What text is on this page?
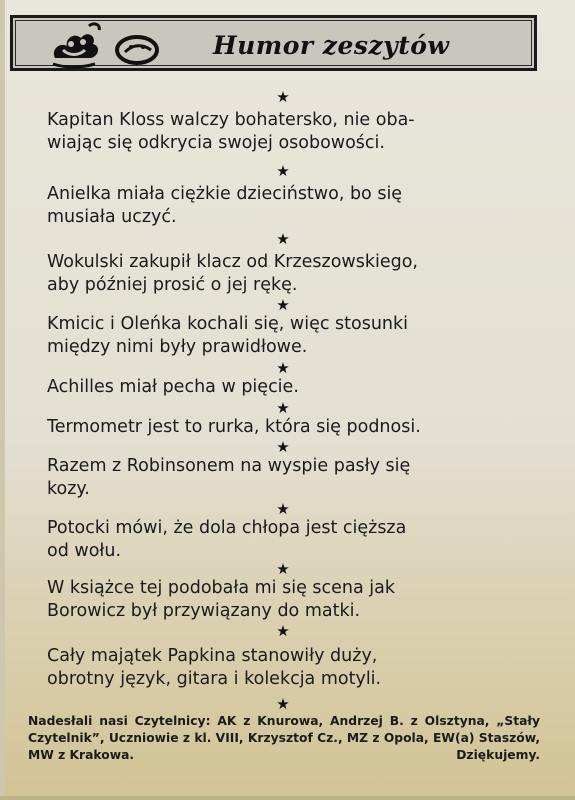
Humor zeszytów
★
Kapitan Kloss walczy bohatersko, nie oba-
wiając się odkrycia swojej osobowości.
★
Anielka miała ciężkie dzieciństwo, bo się
musiała uczyć.
★
Wokulski zakupił klacz od Krzeszowskiego,
aby później prosić o jej rękę.
★
Kmicic i Oleńka kochali się, więc stosunki
między nimi były prawidłowe.
★
Achilles miał pecha w pięcie.
★
Termometr jest to rurka, która się podnosi.
★
Razem z Robinsonem na wyspie pasły się
kozy.
★
Potocki mówi, że dola chłopa jest cięższa
od wołu.
★
W książce tej podobała mi się scena jak
Borowicz był przywiązany do matki.
★
Cały majątek Papkina stanowiły duży,
obrotny język, gitara i kolekcja motyli.
★
Nadesłali nasi Czytelnicy: AK z Knurowa, Andrzej B. z Olsztyna, „Stały Czytelnik”, Uczniowie z kl. VIII, Krzysztof Cz., MZ z Opola, EW(a) Staszów, MW z Krakowa.	Dziękujemy.
